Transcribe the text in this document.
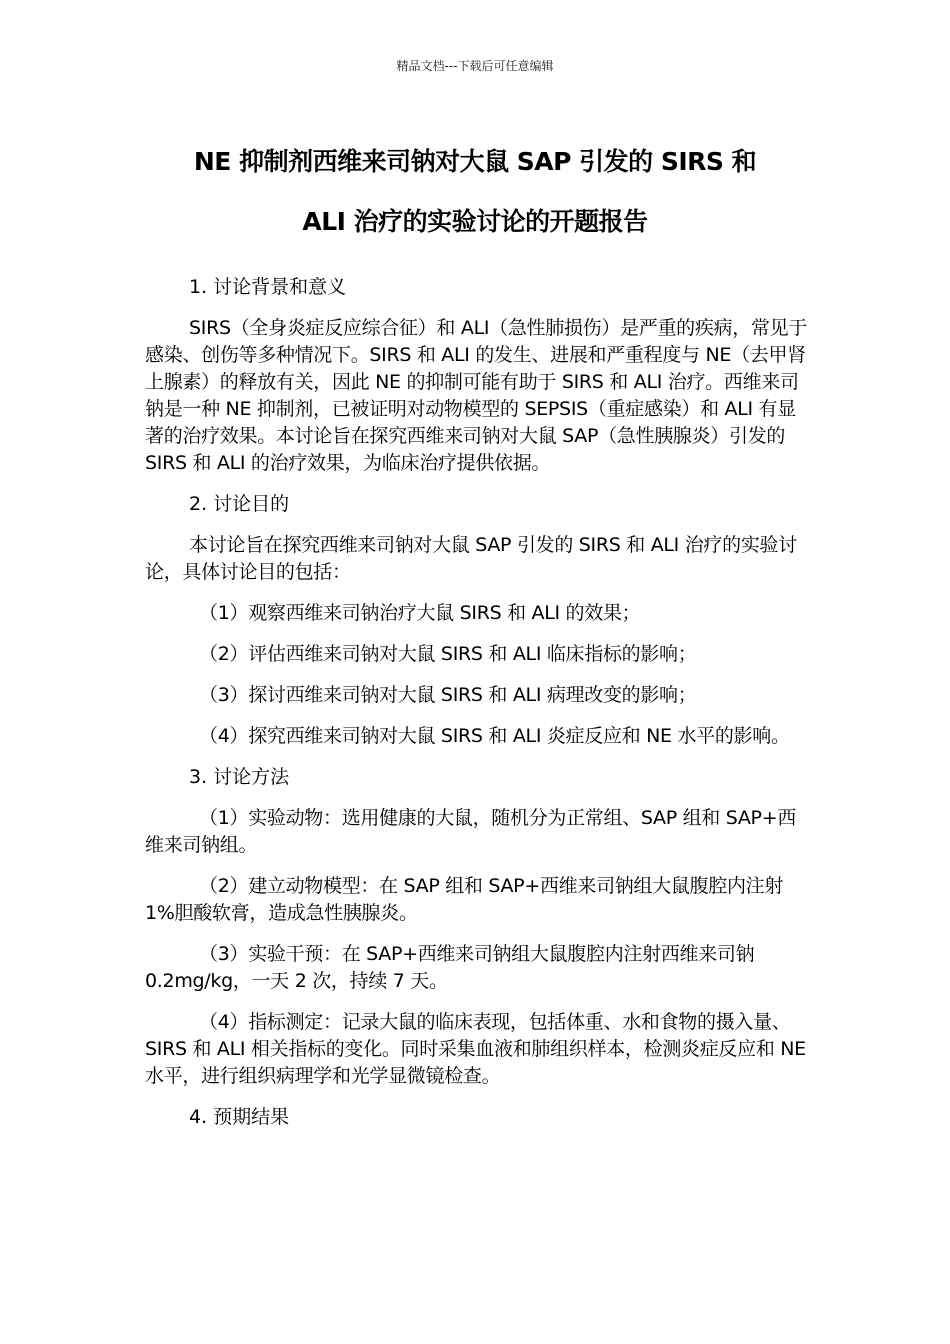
精品文档---下载后可任意编辑
NE 抑制剂西维来司钠对大鼠 SAP 引发的 SIRS 和
ALI 治疗的实验讨论的开题报告

1. 讨论背景和意义

SIRS（全身炎症反应综合征）和 ALI（急性肺损伤）是严重的疾病，常见于感染、创伤等多种情况下。SIRS 和 ALI 的发生、进展和严重程度与 NE（去甲肾上腺素）的释放有关，因此 NE 的抑制可能有助于 SIRS 和 ALI 治疗。西维来司钠是一种 NE 抑制剂，已被证明对动物模型的 SEPSIS（重症感染）和 ALI 有显著的治疗效果。本讨论旨在探究西维来司钠对大鼠 SAP（急性胰腺炎）引发的 SIRS 和 ALI 的治疗效果，为临床治疗提供依据。

2. 讨论目的

本讨论旨在探究西维来司钠对大鼠 SAP 引发的 SIRS 和 ALI 治疗的实验讨论，具体讨论目的包括：

（1）观察西维来司钠治疗大鼠 SIRS 和 ALI 的效果；

（2）评估西维来司钠对大鼠 SIRS 和 ALI 临床指标的影响；

（3）探讨西维来司钠对大鼠 SIRS 和 ALI 病理改变的影响；

（4）探究西维来司钠对大鼠 SIRS 和 ALI 炎症反应和 NE 水平的影响。

3. 讨论方法

（1）实验动物：选用健康的大鼠，随机分为正常组、SAP 组和 SAP+西维来司钠组。

（2）建立动物模型：在 SAP 组和 SAP+西维来司钠组大鼠腹腔内注射 1%胆酸软膏，造成急性胰腺炎。

（3）实验干预：在 SAP+西维来司钠组大鼠腹腔内注射西维来司钠 0.2mg/kg，一天 2 次，持续 7 天。

（4）指标测定：记录大鼠的临床表现，包括体重、水和食物的摄入量、SIRS 和 ALI 相关指标的变化。同时采集血液和肺组织样本，检测炎症反应和 NE 水平，进行组织病理学和光学显微镜检查。

4. 预期结果
